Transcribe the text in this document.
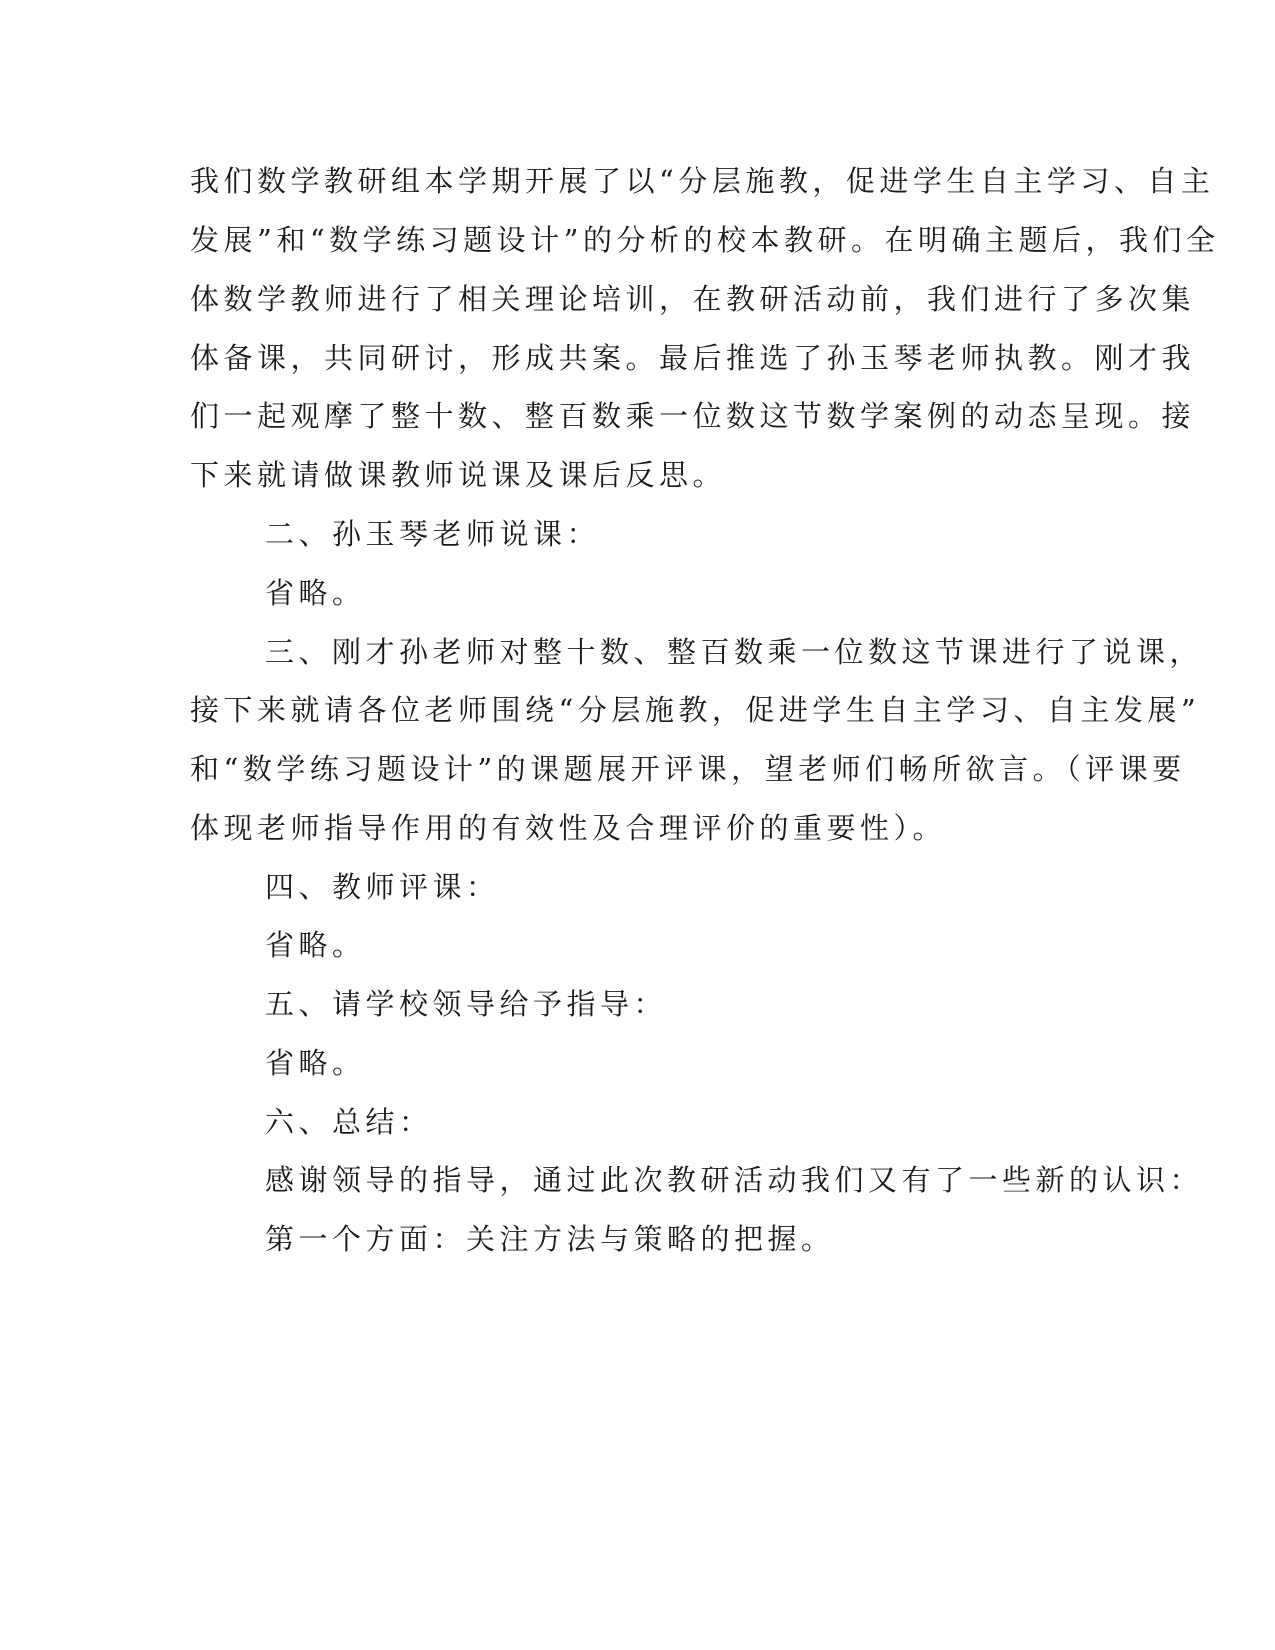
我们数学教研组本学期开展了以“分层施教，促进学生自主学习、自主
发展”和“数学练习题设计”的分析的校本教研。在明确主题后，我们全
体数学教师进行了相关理论培训，在教研活动前，我们进行了多次集
体备课，共同研讨，形成共案。最后推选了孙玉琴老师执教。刚才我
们一起观摩了整十数、整百数乘一位数这节数学案例的动态呈现。接
下来就请做课教师说课及课后反思。
二、孙玉琴老师说课：
省略。
三、刚才孙老师对整十数、整百数乘一位数这节课进行了说课，
接下来就请各位老师围绕“分层施教，促进学生自主学习、自主发展”
和“数学练习题设计”的课题展开评课，望老师们畅所欲言。（评课要
体现老师指导作用的有效性及合理评价的重要性）。
四、教师评课：
省略。
五、请学校领导给予指导：
省略。
六、总结：
感谢领导的指导，通过此次教研活动我们又有了一些新的认识：
第一个方面：关注方法与策略的把握。
